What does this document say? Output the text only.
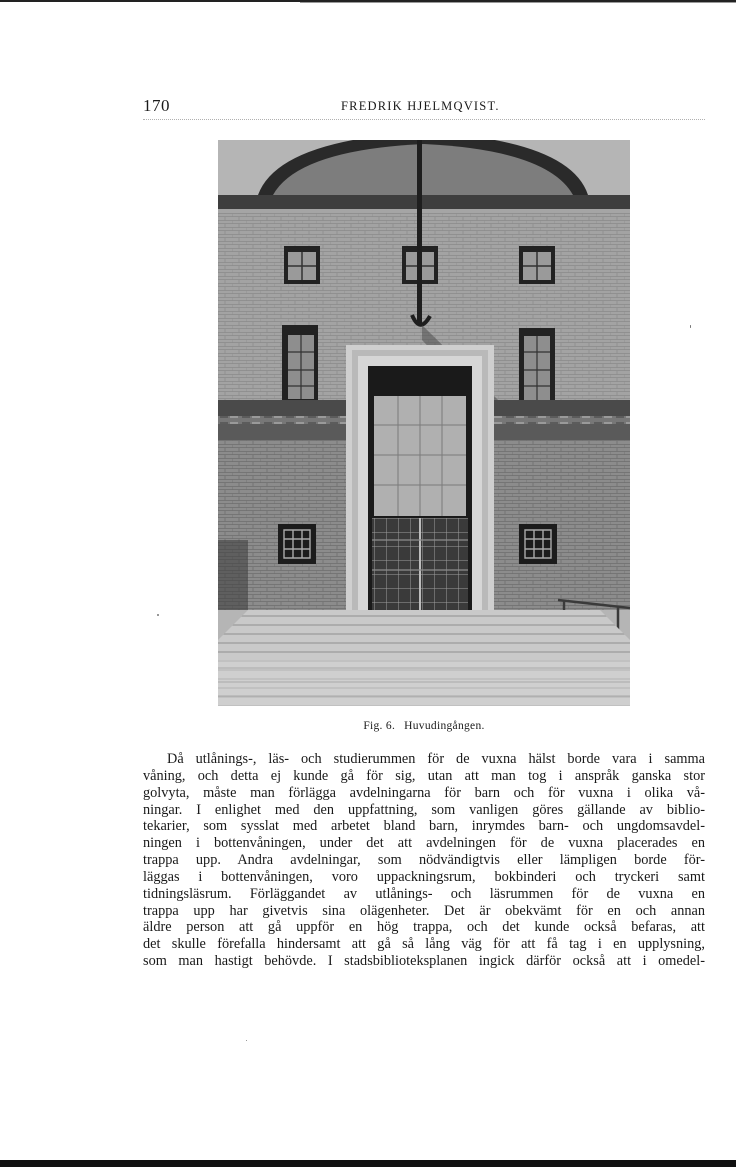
170	FREDRIK HJELMQVIST.
Fig. 6. Huvudingången.
Då utlånings-, läs- och studierummen för de vuxna hälst borde vara i samma
våning, och detta ej kunde gå för sig, utan att man tog i anspråk ganska stor
golvyta, måste man förlägga avdelningarna för barn och för vuxna i olika vå-
ningar. I enlighet med den uppfattning, som vanligen göres gällande av biblio-
tekarier, som sysslat med arbetet bland barn, inrymdes barn- och ungdomsavdel-
ningen i bottenvåningen, under det att avdelningen för de vuxna placerades en
trappa upp. Andra avdelningar, som nödvändigtvis eller lämpligen borde för-
läggas i bottenvåningen, voro uppackningsrum, bokbinderi och tryckeri samt
tidningsläsrum. Förläggandet av utlånings- och läsrummen för de vuxna en
trappa upp har givetvis sina olägenheter. Det är obekvämt för en och annan
äldre person att gå uppför en hög trappa, och det kunde också befaras, att
det skulle förefalla hindersamt att gå så lång väg för att få tag i en upplysning,
som man hastigt behövde. I stadsbiblioteksplanen ingick därför också att i omedel-
